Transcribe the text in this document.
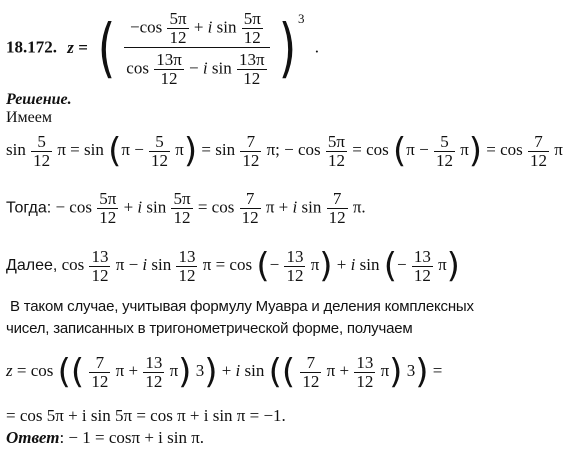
18.172. z = ( $\frac{-\cos \frac{5\pi}{12} + i \sin \frac{5\pi}{12}}{\cos \frac{13\pi}{12} - i \sin \frac{13\pi}{12}}$ ) $^3$ .
Решение.
Имеем
$\sin \frac{5}{12}$ $\pi = \sin (\pi - \frac{5}{12} \pi) = \sin \frac{7}{12} \pi$; − $\cos \frac{5\pi}{12} = \cos (\pi - \frac{5}{12} \pi) = \cos \frac{7}{12}$ π
Тогда: − $\cos \frac{5\pi}{12} + i$ $\sin \frac{5\pi}{12} = \cos \frac{7}{12}$ π + i $\sin \frac{7}{12} \pi$.
Далее, $\cos \frac{13}{12}$ π − i $\sin \frac{13}{12}$ π = cos (− $\frac{13}{12} \pi) + i$ sin (− $\frac{13}{12} \pi$)
В таком случае, учитывая формулу Муавра и деления комплексных
чисел, записанных в тригонометрической форме, получаем
z = cos (( $\frac{7}{12}$ $\pi + \frac{13}{12} \pi$) 3) + i sin (( $\frac{7}{12}$ $\pi + \frac{13}{12} \pi$) 3) =
= cos 5π + i sin 5π = cos π + i sin π = −1.
Ответ: − 1 = cosπ + i sin π.
